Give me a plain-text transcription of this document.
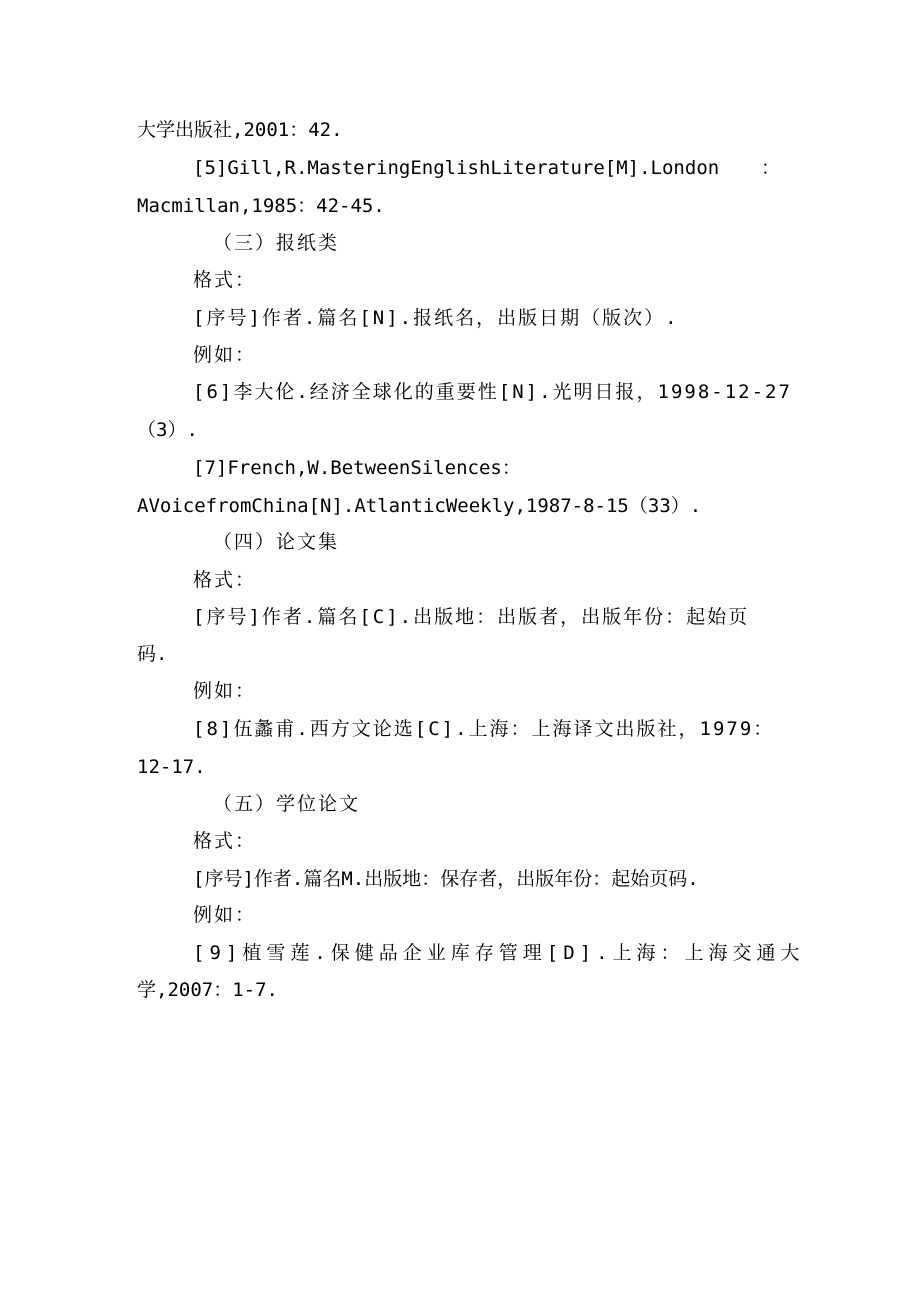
大学出版社,2001：42.
[5]Gill,R.MasteringEnglishLiterature[M].London ：
Macmillan,1985：42-45.
（三）报纸类
格式：
[序号]作者.篇名[N].报纸名，出版日期（版次）.
例如：
[6]李大伦.经济全球化的重要性[N].光明日报，1998-12-27
（3）.
[7]French,W.BetweenSilences：
AVoicefromChina[N].AtlanticWeekly,1987-8-15（33）.
（四）论文集
格式：
[序号]作者.篇名[C].出版地：出版者，出版年份：起始页
码.
例如：
[8]伍蠡甫.西方文论选[C].上海：上海译文出版社，1979：
12-17.
（五）学位论文
格式：
[序号]作者.篇名M.出版地：保存者，出版年份：起始页码.
例如：
[9]植雪莲.保健品企业库存管理[D].上海：上海交通大
学,2007：1-7.
